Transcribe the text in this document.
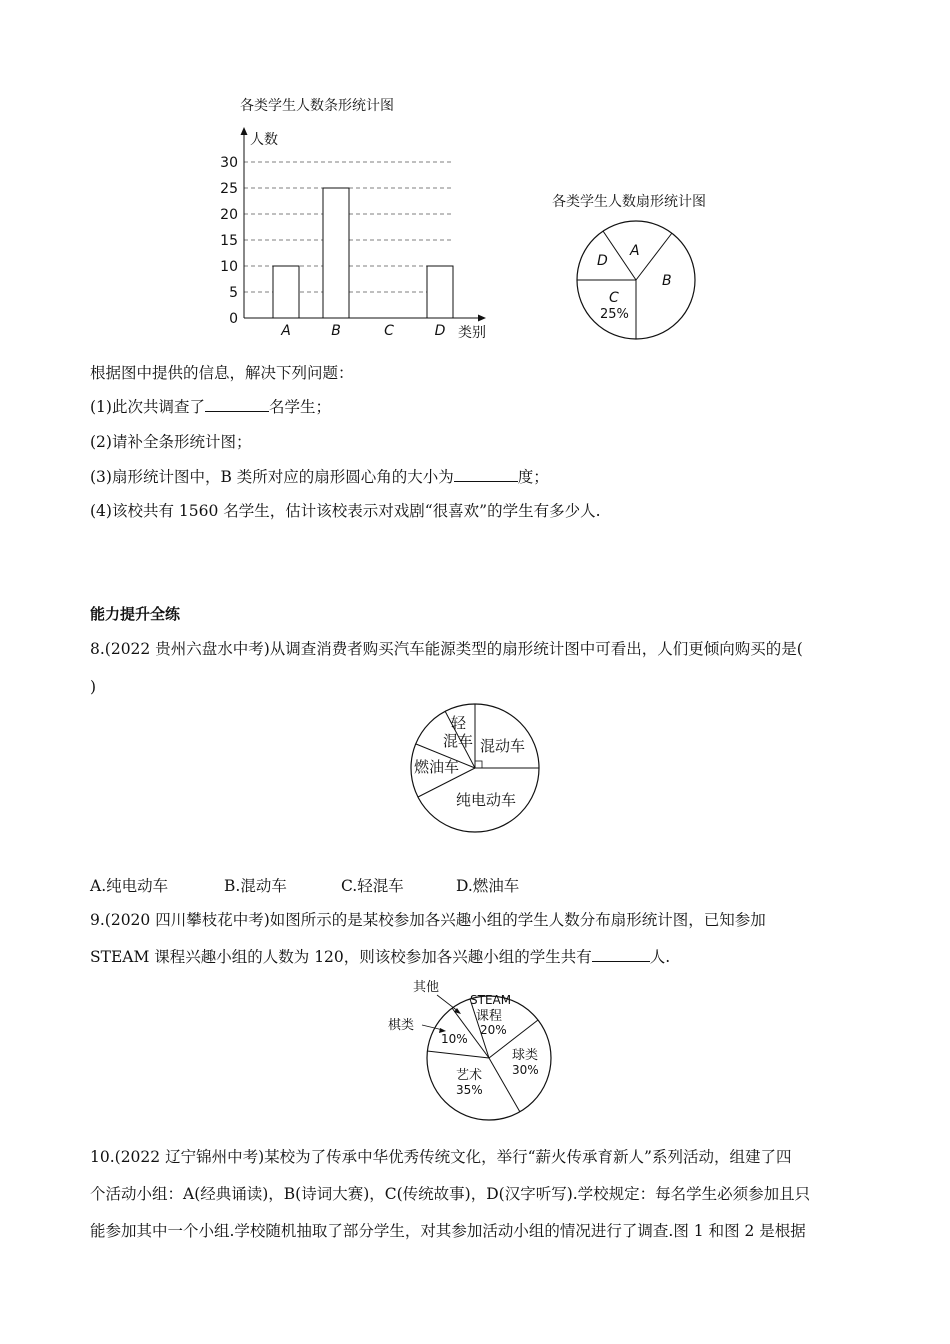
各类学生人数条形统计图
人数
0
5
10
15
20
25
30
A	B	C	D 类别
各类学生人数扇形统计图
A
B
C
25%
D
根据图中提供的信息，解决下列问题：
(1)此次共调查了	名学生；
(2)请补全条形统计图；
(3)扇形统计图中，B 类所对应的扇形圆心角的大小为	度；
(4)该校共有 1560 名学生，估计该校表示对戏剧“很喜欢”的学生有多少人.
能力提升全练
8.(2022 贵州六盘水中考)从调查消费者购买汽车能源类型的扇形统计图中可看出，人们更倾向购买的是(
)
轻
混车 混动车
燃油车
纯电动车
A.纯电动车	B.混动车	C.轻混车	D.燃油车
9.(2020 四川攀枝花中考)如图所示的是某校参加各兴趣小组的学生人数分布扇形统计图，已知参加
STEAM 课程兴趣小组的人数为 120，则该校参加各兴趣小组的学生共有	人.
其他
STEAM
课程
20%
棋类
10%
球类
30%
艺术
35%
10.(2022 辽宁锦州中考)某校为了传承中华优秀传统文化，举行“薪火传承育新人”系列活动，组建了四
个活动小组：A(经典诵读)，B(诗词大赛)，C(传统故事)，D(汉字听写).学校规定：每名学生必须参加且只
能参加其中一个小组.学校随机抽取了部分学生，对其参加活动小组的情况进行了调查.图 1 和图 2 是根据
